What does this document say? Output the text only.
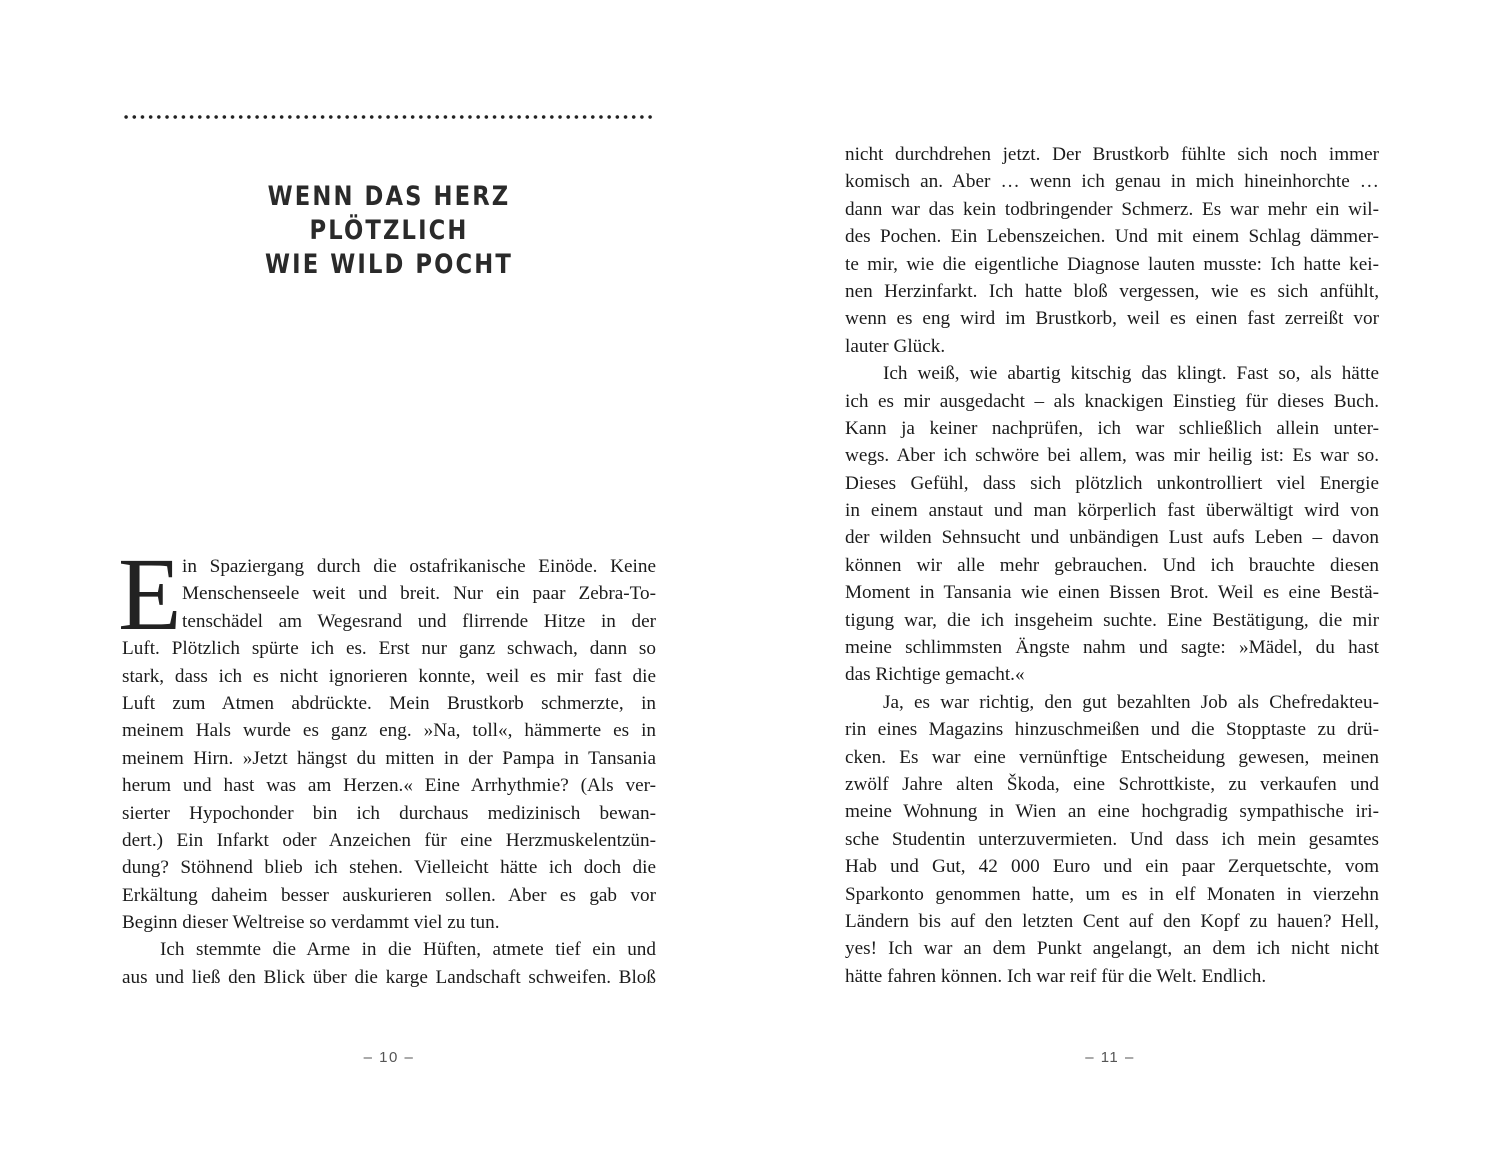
WENN DAS HERZ
PLÖTZLICH
WIE WILD POCHT
E in Spaziergang durch die ostafrikanische Einöde. Keine
Menschenseele weit und breit. Nur ein paar Zebra-To-
tenschädel am Wegesrand und flirrende Hitze in der
Luft. Plötzlich spürte ich es. Erst nur ganz schwach, dann so
stark, dass ich es nicht ignorieren konnte, weil es mir fast die
Luft zum Atmen abdrückte. Mein Brustkorb schmerzte, in
meinem Hals wurde es ganz eng. »Na, toll«, hämmerte es in
meinem Hirn. »Jetzt hängst du mitten in der Pampa in Tansania
herum und hast was am Herzen.« Eine Arrhythmie? (Als ver-
sierter Hypochonder bin ich durchaus medizinisch bewan-
dert.) Ein Infarkt oder Anzeichen für eine Herzmuskelentzün-
dung? Stöhnend blieb ich stehen. Vielleicht hätte ich doch die
Erkältung daheim besser auskurieren sollen. Aber es gab vor
Beginn dieser Weltreise so verdammt viel zu tun.
Ich stemmte die Arme in die Hüften, atmete tief ein und
aus und ließ den Blick über die karge Landschaft schweifen. Bloß
– 10 –	– 11 –
nicht durchdrehen jetzt. Der Brustkorb fühlte sich noch immer
komisch an. Aber … wenn ich genau in mich hineinhorchte …
dann war das kein todbringender Schmerz. Es war mehr ein wil-
des Pochen. Ein Lebenszeichen. Und mit einem Schlag dämmer-
te mir, wie die eigentliche Diagnose lauten musste: Ich hatte kei-
nen Herzinfarkt. Ich hatte bloß vergessen, wie es sich anfühlt,
wenn es eng wird im Brustkorb, weil es einen fast zerreißt vor
lauter Glück.
Ich weiß, wie abartig kitschig das klingt. Fast so, als hätte
ich es mir ausgedacht – als knackigen Einstieg für dieses Buch.
Kann ja keiner nachprüfen, ich war schließlich allein unter-
wegs. Aber ich schwöre bei allem, was mir heilig ist: Es war so.
Dieses Gefühl, dass sich plötzlich unkontrolliert viel Energie
in einem anstaut und man körperlich fast überwältigt wird von
der wilden Sehnsucht und unbändigen Lust aufs Leben – davon
können wir alle mehr gebrauchen. Und ich brauchte diesen
Moment in Tansania wie einen Bissen Brot. Weil es eine Bestä-
tigung war, die ich insgeheim suchte. Eine Bestätigung, die mir
meine schlimmsten Ängste nahm und sagte: »Mädel, du hast
das Richtige gemacht.«
Ja, es war richtig, den gut bezahlten Job als Chefredakteu-
rin eines Magazins hinzuschmeißen und die Stopptaste zu drü-
cken. Es war eine vernünftige Entscheidung gewesen, meinen
zwölf Jahre alten Škoda, eine Schrottkiste, zu verkaufen und
meine Wohnung in Wien an eine hochgradig sympathische iri-
sche Studentin unterzuvermieten. Und dass ich mein gesamtes
Hab und Gut, 42 000 Euro und ein paar Zerquetschte, vom
Sparkonto genommen hatte, um es in elf Monaten in vierzehn
Ländern bis auf den letzten Cent auf den Kopf zu hauen? Hell,
yes! Ich war an dem Punkt angelangt, an dem ich nicht nicht
hätte fahren können. Ich war reif für die Welt. Endlich.
